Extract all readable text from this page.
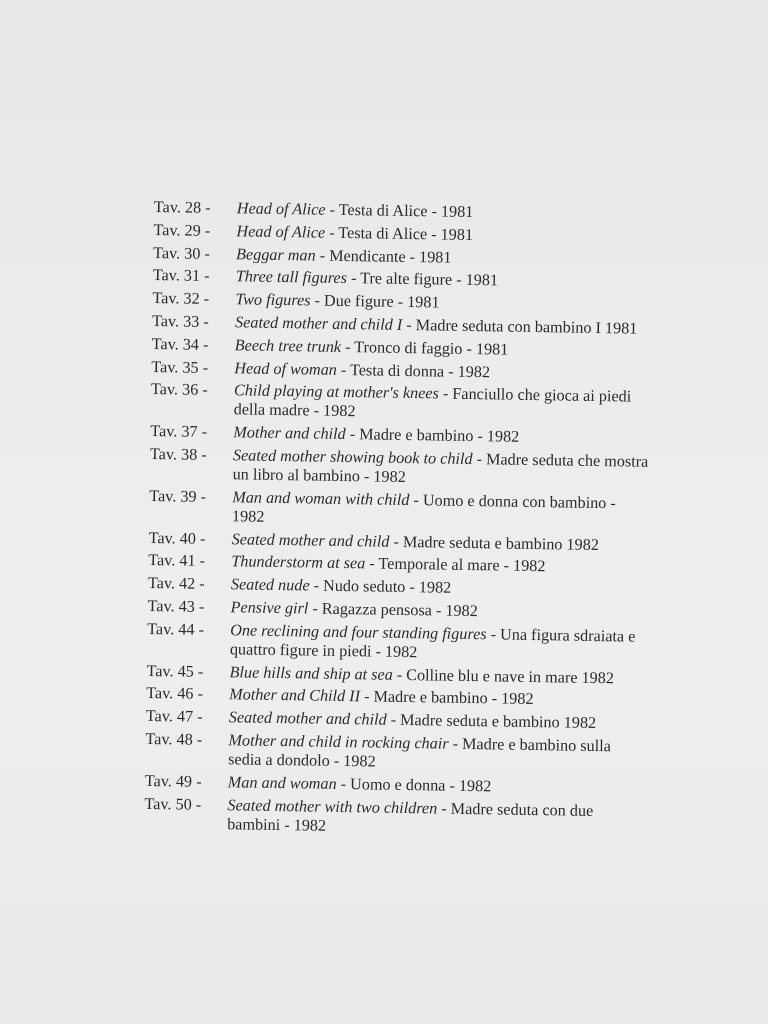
Tav. 28 - Head of Alice - Testa di Alice - 1981
Tav. 29 - Head of Alice - Testa di Alice - 1981
Tav. 30 - Beggar man - Mendicante - 1981
Tav. 31 - Three tall figures - Tre alte figure - 1981
Tav. 32 - Two figures - Due figure - 1981
Tav. 33 - Seated mother and child I - Madre seduta con bambino I 1981
Tav. 34 - Beech tree trunk - Tronco di faggio - 1981
Tav. 35 - Head of woman - Testa di donna - 1982
Tav. 36 - Child playing at mother's knees - Fanciullo che gioca ai piedi della madre - 1982
Tav. 37 - Mother and child - Madre e bambino - 1982
Tav. 38 - Seated mother showing book to child - Madre seduta che mostra un libro al bambino - 1982
Tav. 39 - Man and woman with child - Uomo e donna con bambino - 1982
Tav. 40 - Seated mother and child - Madre seduta e bambino 1982
Tav. 41 - Thunderstorm at sea - Temporale al mare - 1982
Tav. 42 - Seated nude - Nudo seduto - 1982
Tav. 43 - Pensive girl - Ragazza pensosa - 1982
Tav. 44 - One reclining and four standing figures - Una figura sdraiata e quattro figure in piedi - 1982
Tav. 45 - Blue hills and ship at sea - Colline blu e nave in mare 1982
Tav. 46 - Mother and Child II - Madre e bambino - 1982
Tav. 47 - Seated mother and child - Madre seduta e bambino 1982
Tav. 48 - Mother and child in rocking chair - Madre e bambino sulla sedia a dondolo - 1982
Tav. 49 - Man and woman - Uomo e donna - 1982
Tav. 50 - Seated mother with two children - Madre seduta con due bambini - 1982
